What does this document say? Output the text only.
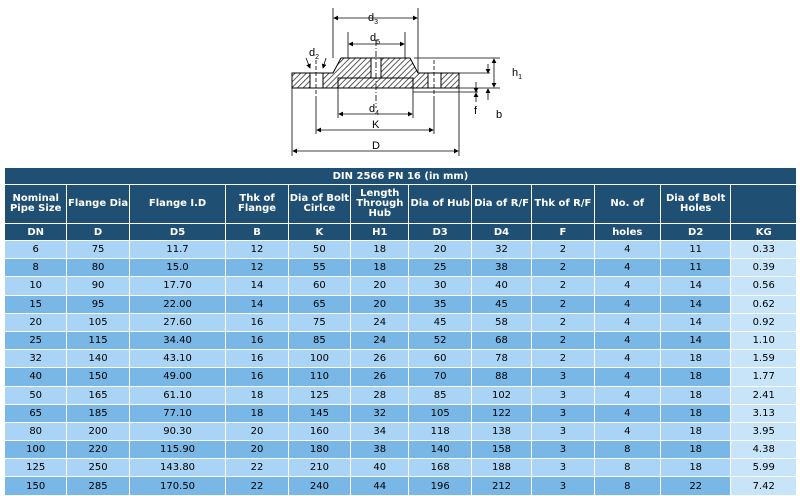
$d_3$
$d_5$
$d_2$
$h_1$
$d_4$
K
D
f b
DIN 2566 PN 16 (in mm)											
Nominal Pipe Size	Flange Dia	Flange I.D	Thk of Flange	Dia of Bolt Cirlce	Length Through Hub	Dia of Hub	Dia of R/F	Thk of R/F	No. of	Dia of Bolt Holes	
DN	D	D5	B	K	H1	D3	D4	F	holes	D2	KG
6	75	11.7	12	50	18	20	32	2	4	11	0.33
8	80	15.0	12	55	18	25	38	2	4	11	0.39
10	90	17.70	14	60	20	30	40	2	4	14	0.56
15	95	22.00	14	65	20	35	45	2	4	14	0.62
20	105	27.60	16	75	24	45	58	2	4	14	0.92
25	115	34.40	16	85	24	52	68	2	4	14	1.10
32	140	43.10	16	100	26	60	78	2	4	18	1.59
40	150	49.00	16	110	26	70	88	3	4	18	1.77
50	165	61.10	18	125	28	85	102	3	4	18	2.41
65	185	77.10	18	145	32	105	122	3	4	18	3.13
80	200	90.30	20	160	34	118	138	3	4	18	3.95
100	220	115.90	20	180	38	140	158	3	8	18	4.38
125	250	143.80	22	210	40	168	188	3	8	18	5.99
150	285	170.50	22	240	44	196	212	3	8	22	7.42
